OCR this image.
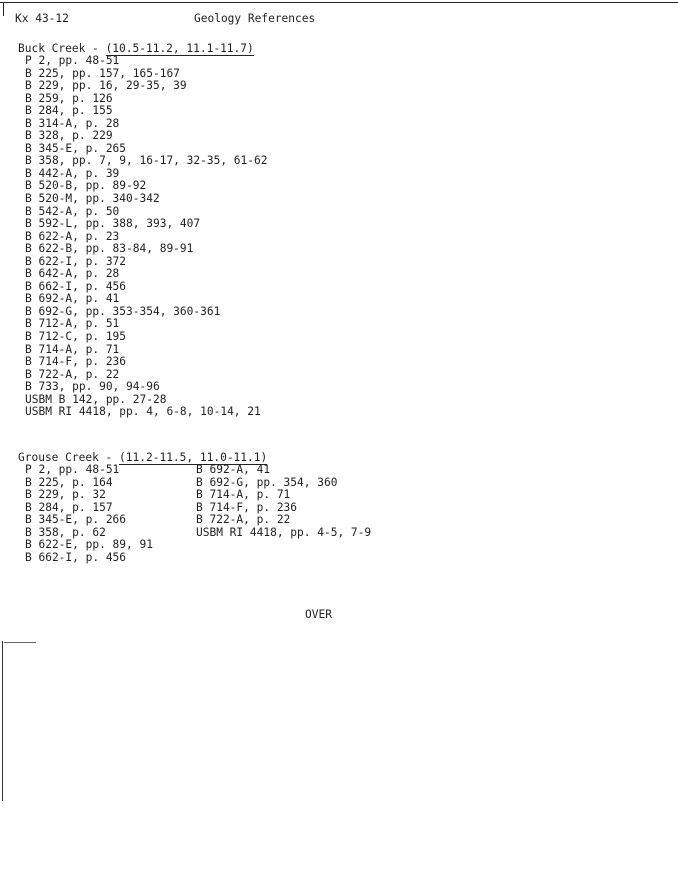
Kx 43-12	Geology References
Buck Creek - (10.5-11.2, 11.1-11.7)
P 2, pp. 48-51
B 225, pp. 157, 165-167
B 229, pp. 16, 29-35, 39
B 259, p. 126
B 284, p. 155
B 314-A, p. 28
B 328, p. 229
B 345-E, p. 265
B 358, pp. 7, 9, 16-17, 32-35, 61-62
B 442-A, p. 39
B 520-B, pp. 89-92
B 520-M, pp. 340-342
B 542-A, p. 50
B 592-L, pp. 388, 393, 407
B 622-A, p. 23
B 622-B, pp. 83-84, 89-91
B 622-I, p. 372
B 642-A, p. 28
B 662-I, p. 456
B 692-A, p. 41
B 692-G, pp. 353-354, 360-361
B 712-A, p. 51
B 712-C, p. 195
B 714-A, p. 71
B 714-F, p. 236
B 722-A, p. 22
B 733, pp. 90, 94-96
USBM B 142, pp. 27-28
USBM RI 4418, pp. 4, 6-8, 10-14, 21
Grouse Creek - (11.2-11.5, 11.0-11.1)
P 2, pp. 48-51
B 225, p. 164
B 229, p. 32
B 284, p. 157
B 345-E, p. 266
B 358, p. 62
B 622-E, pp. 89, 91
B 662-I, p. 456
B 692-A, 41
B 692-G, pp. 354, 360
B 714-A, p. 71
B 714-F, p. 236
B 722-A, p. 22
USBM RI 4418, pp. 4-5, 7-9
OVER
